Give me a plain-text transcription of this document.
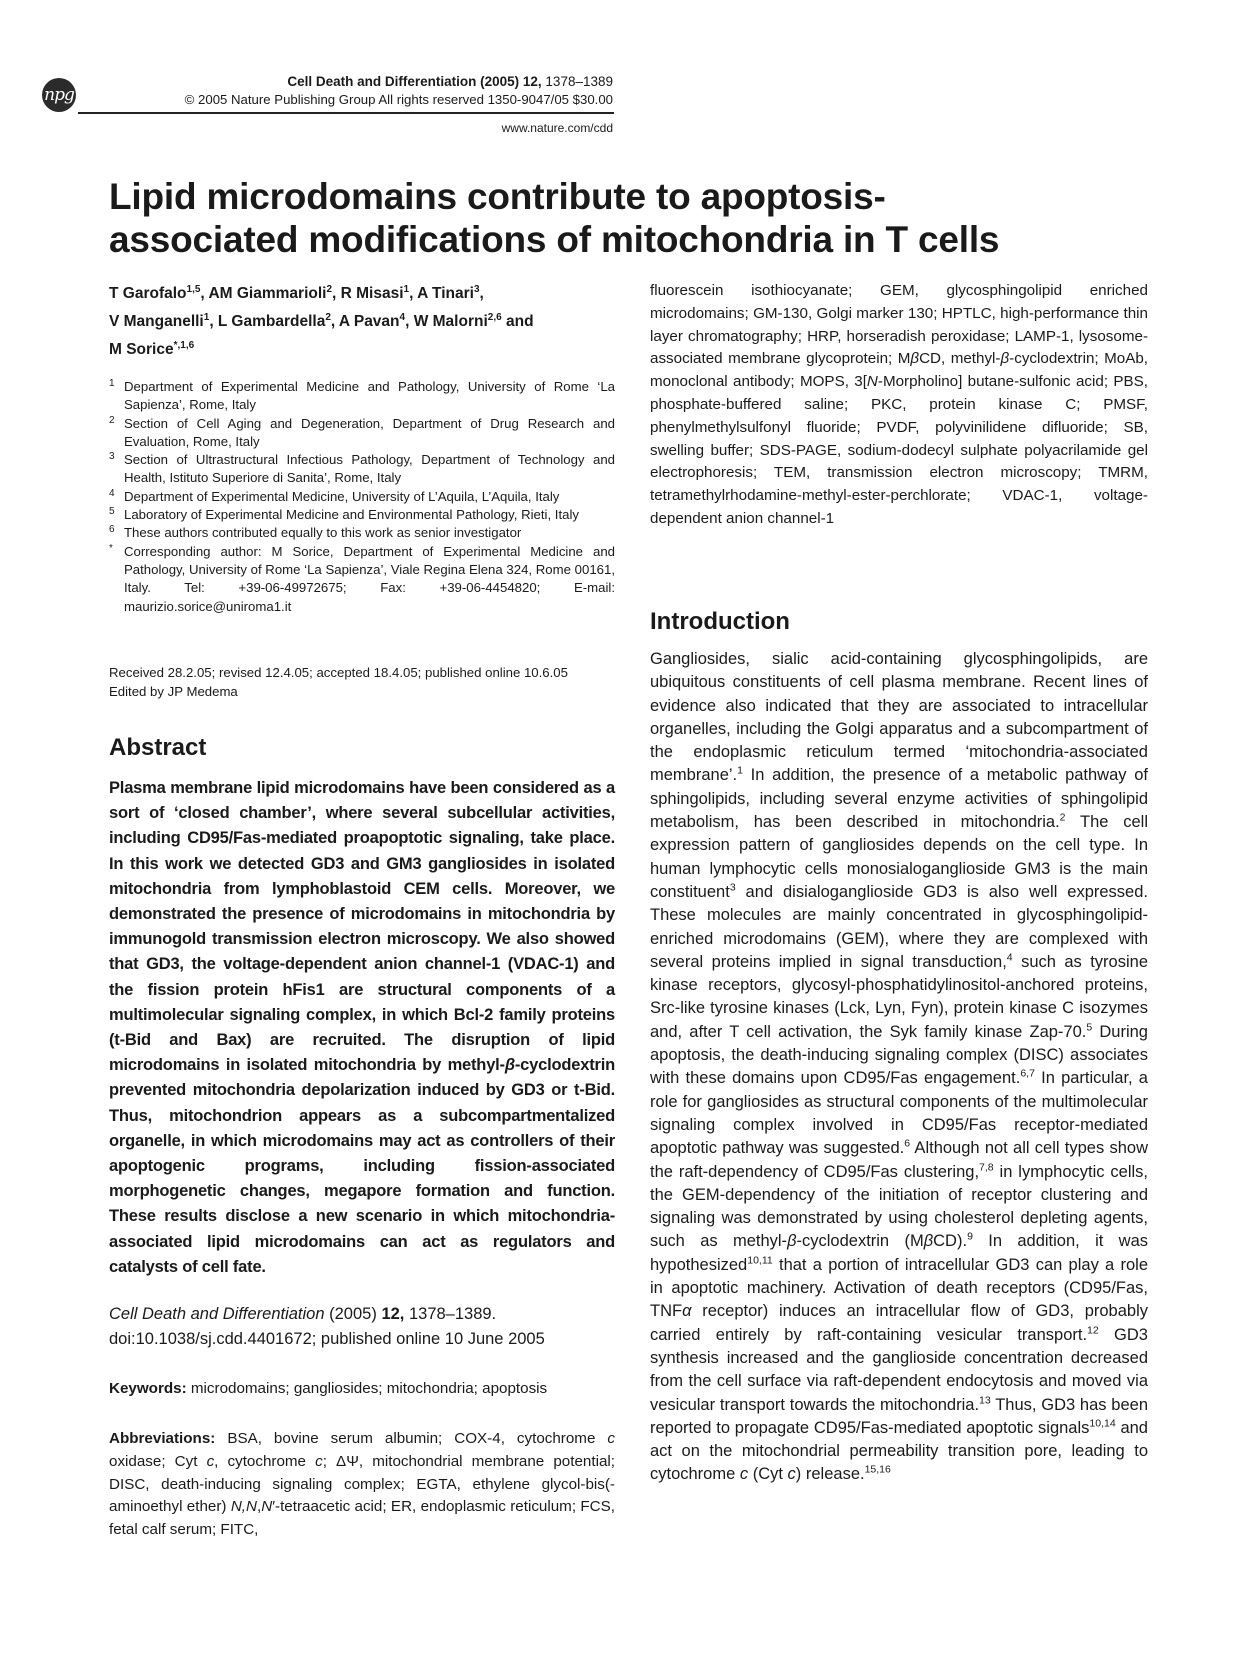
npg
Cell Death and Differentiation (2005) 12, 1378–1389
© 2005 Nature Publishing Group All rights reserved 1350-9047/05 $30.00
www.nature.com/cdd
Lipid microdomains contribute to apoptosis-
associated modifications of mitochondria in T cells
T Garofalo$^{1,5}$, AM Giammarioli$^2$, R Misasi$^1$, A Tinari$^3$,
V Manganelli$^1$, L Gambardella$^2$, A Pavan$^4$, W Malorni$^{2,6}$ and
M Sorice$^{*,1,6}$
1 Department of Experimental Medicine and Pathology, University of Rome ‘La Sapienza’, Rome, Italy
2 Section of Cell Aging and Degeneration, Department of Drug Research and Evaluation, Rome, Italy
3 Section of Ultrastructural Infectious Pathology, Department of Technology and Health, Istituto Superiore di Sanita’, Rome, Italy
4 Department of Experimental Medicine, University of L’Aquila, L’Aquila, Italy
5 Laboratory of Experimental Medicine and Environmental Pathology, Rieti, Italy
6 These authors contributed equally to this work as senior investigator
* Corresponding author: M Sorice, Department of Experimental Medicine and Pathology, University of Rome ‘La Sapienza’, Viale Regina Elena 324, Rome 00161, Italy. Tel: +39-06-49972675; Fax: +39-06-4454820; E-mail: maurizio.sorice@uniroma1.it
Received 28.2.05; revised 12.4.05; accepted 18.4.05; published online 10.6.05
Edited by JP Medema
Abstract

Plasma membrane lipid microdomains have been considered as a sort of ‘closed chamber’, where several subcellular activities, including CD95/Fas-mediated proapoptotic signaling, take place. In this work we detected GD3 and GM3 gangliosides in isolated mitochondria from lymphoblastoid CEM cells. Moreover, we demonstrated the presence of microdomains in mitochondria by immunogold transmission electron microscopy. We also showed that GD3, the voltage-dependent anion channel-1 (VDAC-1) and the fission protein hFis1 are structural components of a multimolecular signaling complex, in which Bcl-2 family proteins (t-Bid and Bax) are recruited. The disruption of lipid microdomains in isolated mitochondria by methyl-β-cyclodextrin prevented mitochondria depolarization induced by GD3 or t-Bid. Thus, mitochondrion appears as a subcompartmentalized organelle, in which microdomains may act as controllers of their apoptogenic programs, including fission-associated morphogenetic changes, megapore formation and function. These results disclose a new scenario in which mitochondria-associated lipid microdomains can act as regulators and catalysts of cell fate.

Cell Death and Differentiation (2005) 12, 1378–1389.
doi:10.1038/sj.cdd.4401672; published online 10 June 2005
Keywords: microdomains; gangliosides; mitochondria; apoptosis
Abbreviations: BSA, bovine serum albumin; COX-4, cytochrome c oxidase; Cyt c, cytochrome c; ΔΨ, mitochondrial membrane potential; DISC, death-inducing signaling complex; EGTA, ethylene glycol-bis(-aminoethyl ether) N,N,N′-tetraacetic acid; ER, endoplasmic reticulum; FCS, fetal calf serum; FITC,
fluorescein isothiocyanate; GEM, glycosphingolipid enriched microdomains; GM-130, Golgi marker 130; HPTLC, high-performance thin layer chromatography; HRP, horseradish peroxidase; LAMP-1, lysosome-associated membrane glycoprotein; MβCD, methyl-β-cyclodextrin; MoAb, monoclonal antibody; MOPS, 3[N-Morpholino] butane-sulfonic acid; PBS, phosphate-buffered saline; PKC, protein kinase C; PMSF, phenylmethylsulfonyl fluoride; PVDF, polyvinilidene difluoride; SB, swelling buffer; SDS-PAGE, sodium-dodecyl sulphate polyacrilamide gel electrophoresis; TEM, transmission electron microscopy; TMRM, tetramethylrhodamine-methyl-ester-perchlorate; VDAC-1, voltage-dependent anion channel-1
Introduction

Gangliosides, sialic acid-containing glycosphingolipids, are ubiquitous constituents of cell plasma membrane. Recent lines of evidence also indicated that they are associated to intracellular organelles, including the Golgi apparatus and a subcompartment of the endoplasmic reticulum termed ‘mitochondria-associated membrane’.$^1$ In addition, the presence of a metabolic pathway of sphingolipids, including several enzyme activities of sphingolipid metabolism, has been described in mitochondria.$^2$ The cell expression pattern of gangliosides depends on the cell type. In human lymphocytic cells monosialoganglioside GM3 is the main constituent$^3$ and disialoganglioside GD3 is also well expressed. These molecules are mainly concentrated in glycosphingolipid-enriched microdomains (GEM), where they are complexed with several proteins implied in signal transduction,$^4$ such as tyrosine kinase receptors, glycosyl-phosphatidylinositol-anchored proteins, Src-like tyrosine kinases (Lck, Lyn, Fyn), protein kinase C isozymes and, after T cell activation, the Syk family kinase Zap-70.$^5$ During apoptosis, the death-inducing signaling complex (DISC) associates with these domains upon CD95/Fas engagement.$^{6,7}$ In particular, a role for gangliosides as structural components of the multimolecular signaling complex involved in CD95/Fas receptor-mediated apoptotic pathway was suggested.$^6$ Although not all cell types show the raft-dependency of CD95/Fas clustering,$^{7,8}$ in lymphocytic cells, the GEM-dependency of the initiation of receptor clustering and signaling was demonstrated by using cholesterol depleting agents, such as methyl-β-cyclodextrin (MβCD).$^9$ In addition, it was hypothesized$^{10,11}$ that a portion of intracellular GD3 can play a role in apoptotic machinery. Activation of death receptors (CD95/Fas, TNFα receptor) induces an intracellular flow of GD3, probably carried entirely by raft-containing vesicular transport.$^{12}$ GD3 synthesis increased and the ganglioside concentration decreased from the cell surface via raft-dependent endocytosis and moved via vesicular transport towards the mitochondria.$^{13}$ Thus, GD3 has been reported to propagate CD95/Fas-mediated apoptotic signals$^{10,14}$ and act on the mitochondrial permeability transition pore, leading to cytochrome c (Cyt c) release.$^{15,16}$
